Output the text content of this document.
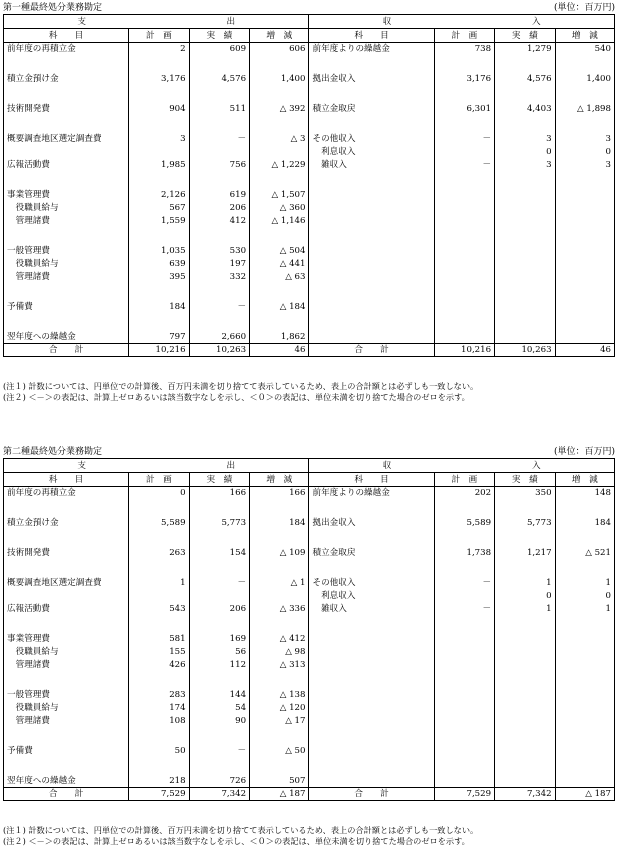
第一種最終処分業務勘定	(単位：百万円)
支 出				収 入			

科　　目	計　画	実　績	増　減	科　　目	計　画	実　績	増　減
前年度の再積立金	2	609	606	前年度よりの繰越金	738	1,279	540

積立金預け金	3,176	4,576	1,400	拠出金収入	3,176	4,576	1,400

技術開発費	904	511	△ 392	積立金取戻	6,301	4,403	△ 1,898

概要調査地区選定調査費	3	－	△ 3	その他収入	－	3	3
				　利息収入		0	0
広報活動費	1,985	756	△ 1,229	　雑収入	－	3	3

事業管理費	2,126	619	△ 1,507				
　役職員給与	567	206	△ 360				
　管理諸費	1,559	412	△ 1,146				

一般管理費	1,035	530	△ 504				
　役職員給与	639	197	△ 441				
　管理諸費	395	332	△ 63				

予備費	184	－	△ 184				

翌年度への繰越金	797	2,660	1,862				
合　　計	10,216	10,263	46	合　　計	10,216	10,263	46
(注１) 計数については、円単位での計算後、百万円未満を切り捨てて表示しているため、表上の合計額とは必ずしも一致しない。
(注２) ＜－＞の表記は、計算上ゼロあるいは該当数字なしを示し、＜０＞の表記は、単位未満を切り捨てた場合のゼロを示す。
第二種最終処分業務勘定	(単位：百万円)
支 出				収 入			

科　　目	計　画	実　績	増　減	科　　目	計　画	実　績	増　減
前年度の再積立金	0	166	166	前年度よりの繰越金	202	350	148

積立金預け金	5,589	5,773	184	拠出金収入	5,589	5,773	184

技術開発費	263	154	△ 109	積立金取戻	1,738	1,217	△ 521

概要調査地区選定調査費	1	－	△ 1	その他収入	－	1	1
				　利息収入		0	0
広報活動費	543	206	△ 336	　雑収入	－	1	1

事業管理費	581	169	△ 412				
　役職員給与	155	56	△ 98				
　管理諸費	426	112	△ 313				

一般管理費	283	144	△ 138				
　役職員給与	174	54	△ 120				
　管理諸費	108	90	△ 17				

予備費	50	－	△ 50				

翌年度への繰越金	218	726	507				
合　　計	7,529	7,342	△ 187	合　　計	7,529	7,342	△ 187
(注１) 計数については、円単位での計算後、百万円未満を切り捨てて表示しているため、表上の合計額とは必ずしも一致しない。
(注２) ＜－＞の表記は、計算上ゼロあるいは該当数字なしを示し、＜０＞の表記は、単位未満を切り捨てた場合のゼロを示す。
